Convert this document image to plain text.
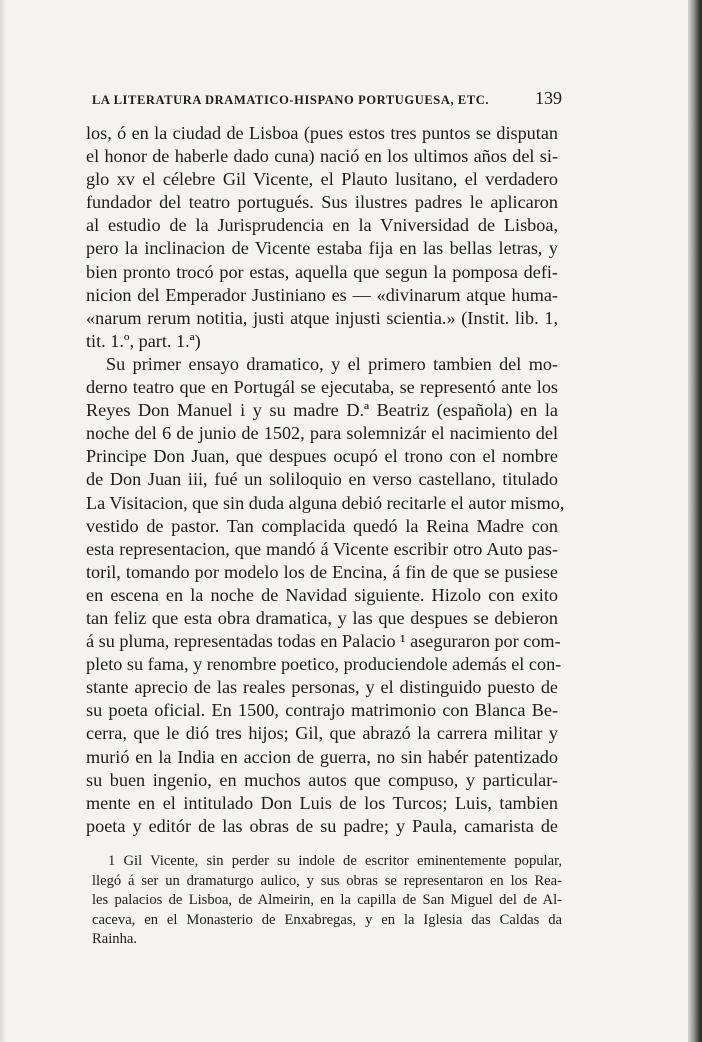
LA LITERATURA DRAMATICO-HISPANO PORTUGUESA, ETC.	139
los, ó en la ciudad de Lisboa (pues estos tres puntos se disputan
el honor de haberle dado cuna) nació en los ultimos años del si-
glo xv el célebre Gil Vicente, el Plauto lusitano, el verdadero
fundador del teatro portugués. Sus ilustres padres le aplicaron
al estudio de la Jurisprudencia en la Vniversidad de Lisboa,
pero la inclinacion de Vicente estaba fija en las bellas letras, y
bien pronto trocó por estas, aquella que segun la pomposa defi-
nicion del Emperador Justiniano es — «divinarum atque huma-
«narum rerum notitia, justi atque injusti scientia.» (Instit. lib. 1,
tit. 1.º, part. 1.ª)
Su primer ensayo dramatico, y el primero tambien del mo-
derno teatro que en Portugál se ejecutaba, se representó ante los
Reyes Don Manuel i y su madre D.ª Beatriz (española) en la
noche del 6 de junio de 1502, para solemnizár el nacimiento del
Principe Don Juan, que despues ocupó el trono con el nombre
de Don Juan iii, fué un soliloquio en verso castellano, titulado
La Visitacion, que sin duda alguna debió recitarle el autor mismo,
vestido de pastor. Tan complacida quedó la Reina Madre con
esta representacion, que mandó á Vicente escribir otro Auto pas-
toril, tomando por modelo los de Encina, á fin de que se pusiese
en escena en la noche de Navidad siguiente. Hizolo con exito
tan feliz que esta obra dramatica, y las que despues se debieron
á su pluma, representadas todas en Palacio ¹ aseguraron por com-
pleto su fama, y renombre poetico, produciendole además el con-
stante aprecio de las reales personas, y el distinguido puesto de
su poeta oficial. En 1500, contrajo matrimonio con Blanca Be-
cerra, que le dió tres hijos; Gil, que abrazó la carrera militar y
murió en la India en accion de guerra, no sin habér patentizado
su buen ingenio, en muchos autos que compuso, y particular-
mente en el intitulado Don Luis de los Turcos; Luis, tambien
poeta y editór de las obras de su padre; y Paula, camarista de
1 Gil Vicente, sin perder su indole de escritor eminentemente popular,
llegó á ser un dramaturgo aulico, y sus obras se representaron en los Rea-
les palacios de Lisboa, de Almeirin, en la capilla de San Miguel del de Al-
caceva, en el Monasterio de Enxabregas, y en la Iglesia das Caldas da
Rainha.
